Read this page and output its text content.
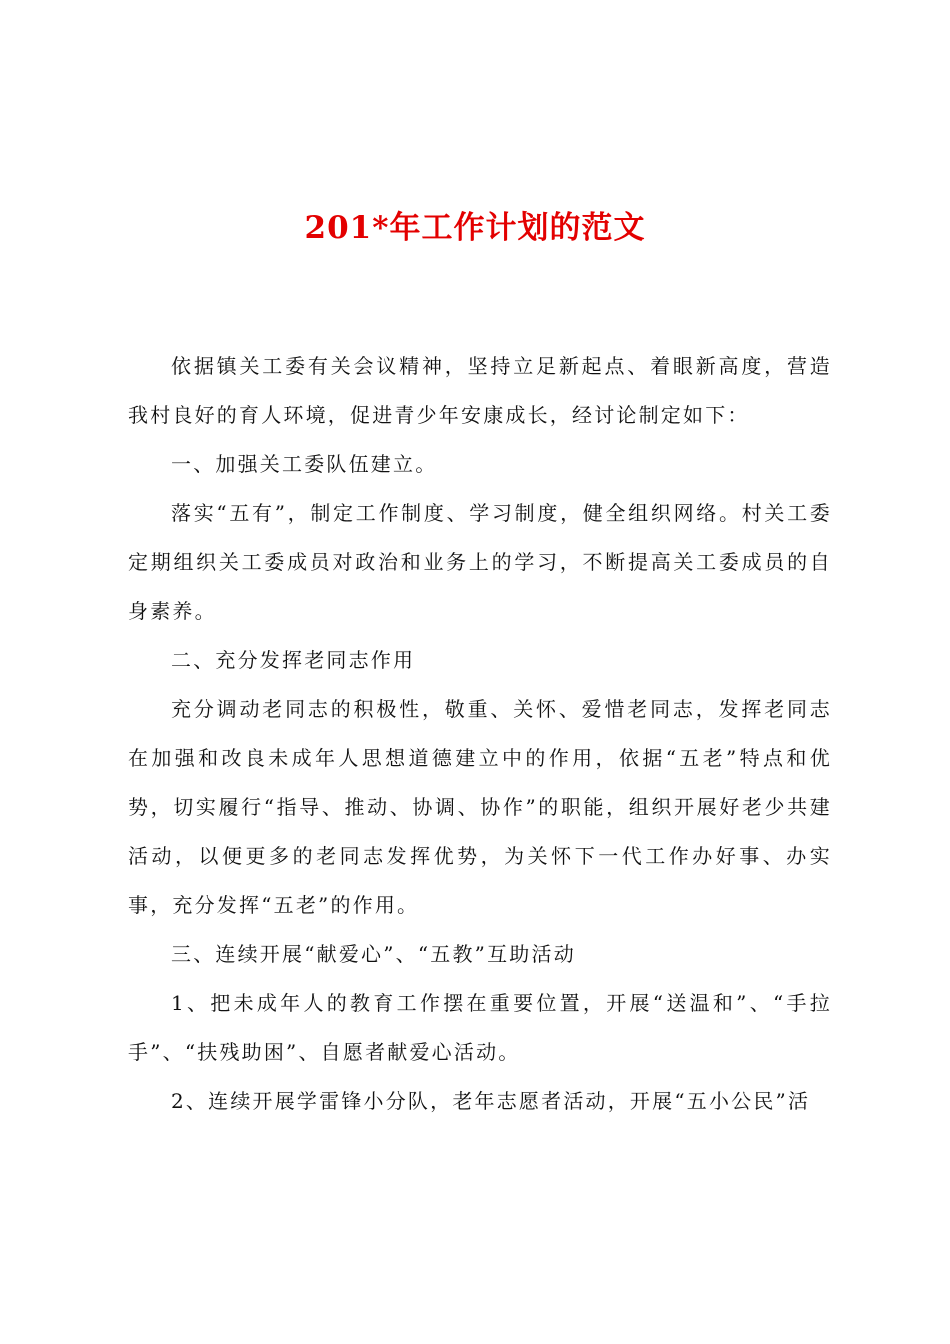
201*年工作计划的范文

依据镇关工委有关会议精神，坚持立足新起点、着眼新高度，营造我村良好的育人环境，促进青少年安康成长，经讨论制定如下：

一、加强关工委队伍建立。

落实“五有”，制定工作制度、学习制度，健全组织网络。村关工委定期组织关工委成员对政治和业务上的学习，不断提高关工委成员的自身素养。

二、充分发挥老同志作用

充分调动老同志的积极性，敬重、关怀、爱惜老同志，发挥老同志在加强和改良未成年人思想道德建立中的作用，依据“五老”特点和优势，切实履行“指导、推动、协调、协作”的职能，组织开展好老少共建活动，以便更多的老同志发挥优势，为关怀下一代工作办好事、办实事，充分发挥“五老”的作用。

三、连续开展“献爱心”、“五教”互助活动

1、把未成年人的教育工作摆在重要位置，开展“送温和”、“手拉手”、“扶残助困”、自愿者献爱心活动。

2、连续开展学雷锋小分队，老年志愿者活动，开展“五小公民”活
